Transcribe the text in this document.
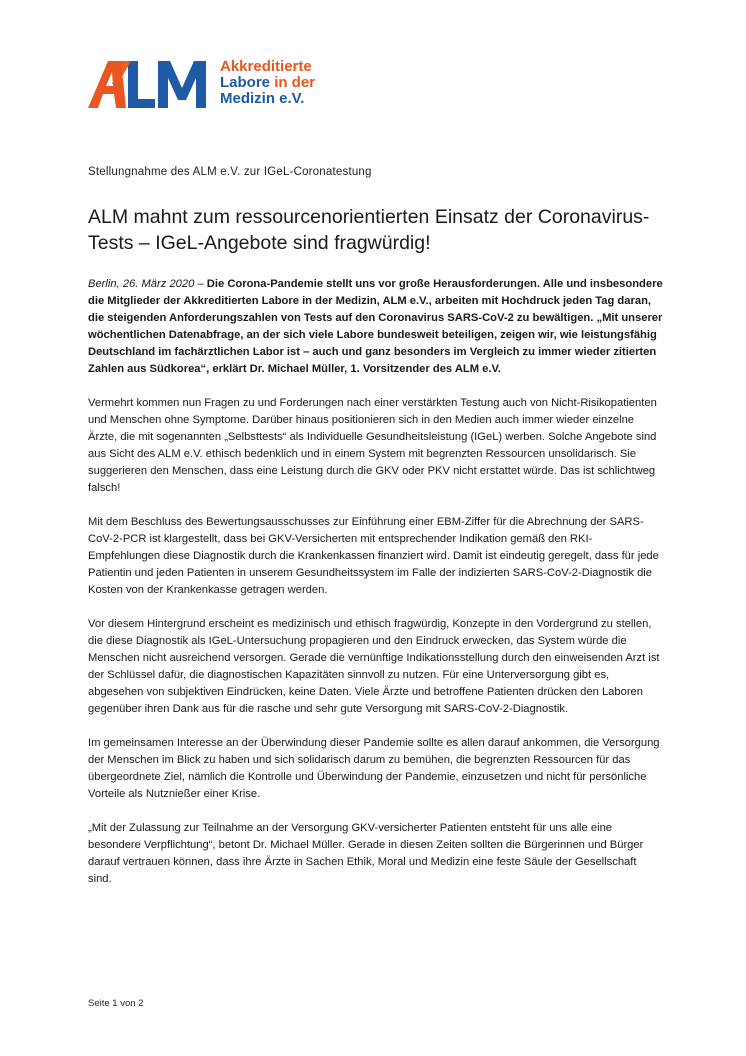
Akkreditierte
Labore in der
Medizin e.V.
Stellungnahme des ALM e.V. zur IGeL-Coronatestung
ALM mahnt zum ressourcenorientierten Einsatz der Coronavirus-Tests – IGeL-Angebote sind fragwürdig!

Berlin, 26. März 2020 – Die Corona-Pandemie stellt uns vor große Herausforderungen. Alle und insbesondere die Mitglieder der Akkreditierten Labore in der Medizin, ALM e.V., arbeiten mit Hochdruck jeden Tag daran, die steigenden Anforderungszahlen von Tests auf den Coronavirus SARS-CoV-2 zu bewältigen. „Mit unserer wöchentlichen Datenabfrage, an der sich viele Labore bundesweit beteiligen, zeigen wir, wie leistungsfähig Deutschland im fachärztlichen Labor ist – auch und ganz besonders im Vergleich zu immer wieder zitierten Zahlen aus Südkorea“, erklärt Dr. Michael Müller, 1. Vorsitzender des ALM e.V.

Vermehrt kommen nun Fragen zu und Forderungen nach einer verstärkten Testung auch von Nicht-Risikopatienten und Menschen ohne Symptome. Darüber hinaus positionieren sich in den Medien auch immer wieder einzelne Ärzte, die mit sogenannten „Selbsttests“ als Individuelle Gesundheitsleistung (IGeL) werben. Solche Angebote sind aus Sicht des ALM e.V. ethisch bedenklich und in einem System mit begrenzten Ressourcen unsolidarisch. Sie suggerieren den Menschen, dass eine Leistung durch die GKV oder PKV nicht erstattet würde. Das ist schlichtweg falsch!

Mit dem Beschluss des Bewertungsausschusses zur Einführung einer EBM-Ziffer für die Abrechnung der SARS-CoV-2-PCR ist klargestellt, dass bei GKV-Versicherten mit entsprechender Indikation gemäß den RKI-Empfehlungen diese Diagnostik durch die Krankenkassen finanziert wird. Damit ist eindeutig geregelt, dass für jede Patientin und jeden Patienten in unserem Gesundheitssystem im Falle der indizierten SARS-CoV-2-Diagnostik die Kosten von der Krankenkasse getragen werden.

Vor diesem Hintergrund erscheint es medizinisch und ethisch fragwürdig, Konzepte in den Vordergrund zu stellen, die diese Diagnostik als IGeL-Untersuchung propagieren und den Eindruck erwecken, das System würde die Menschen nicht ausreichend versorgen. Gerade die vernünftige Indikationsstellung durch den einweisenden Arzt ist der Schlüssel dafür, die diagnostischen Kapazitäten sinnvoll zu nutzen. Für eine Unterversorgung gibt es, abgesehen von subjektiven Eindrücken, keine Daten. Viele Ärzte und betroffene Patienten drücken den Laboren gegenüber ihren Dank aus für die rasche und sehr gute Versorgung mit SARS-CoV-2-Diagnostik.

Im gemeinsamen Interesse an der Überwindung dieser Pandemie sollte es allen darauf ankommen, die Versorgung der Menschen im Blick zu haben und sich solidarisch darum zu bemühen, die begrenzten Ressourcen für das übergeordnete Ziel, nämlich die Kontrolle und Überwindung der Pandemie, einzusetzen und nicht für persönliche Vorteile als Nutznießer einer Krise.

„Mit der Zulassung zur Teilnahme an der Versorgung GKV-versicherter Patienten entsteht für uns alle eine besondere Verpflichtung“, betont Dr. Michael Müller. Gerade in diesen Zeiten sollten die Bürgerinnen und Bürger darauf vertrauen können, dass ihre Ärzte in Sachen Ethik, Moral und Medizin eine feste Säule der Gesellschaft sind.

Seite 1 von 2
